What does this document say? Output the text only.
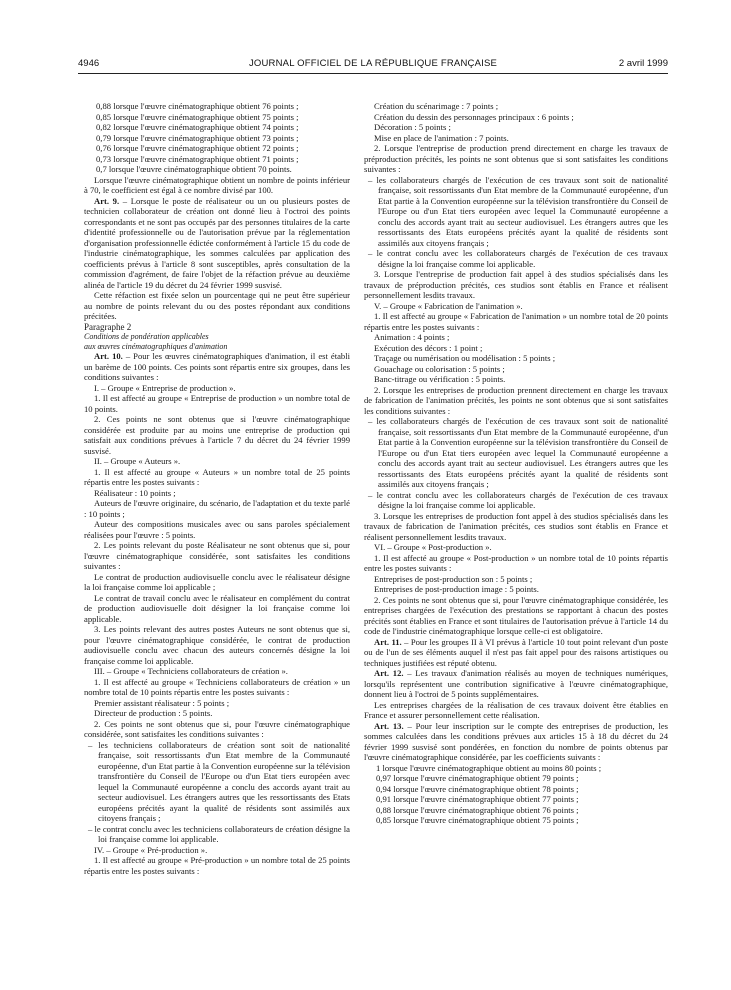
4946	JOURNAL OFFICIEL DE LA RÉPUBLIQUE FRANÇAISE	2 avril 1999

0,88 lorsque l'œuvre cinématographique obtient 76 points ;

0,85 lorsque l'œuvre cinématographique obtient 75 points ;

0,82 lorsque l'œuvre cinématographique obtient 74 points ;

0,79 lorsque l'œuvre cinématographique obtient 73 points ;

0,76 lorsque l'œuvre cinématographique obtient 72 points ;

0,73 lorsque l'œuvre cinématographique obtient 71 points ;

0,7 lorsque l'œuvre cinématographique obtient 70 points.

Lorsque l'œuvre cinématographique obtient un nombre de points inférieur à 70, le coefficient est égal à ce nombre divisé par 100.

Art. 9. – Lorsque le poste de réalisateur ou un ou plusieurs postes de technicien collaborateur de création ont donné lieu à l'octroi des points correspondants et ne sont pas occupés par des personnes titulaires de la carte d'identité professionnelle ou de l'autorisation prévue par la réglementation d'organisation professionnelle édictée conformément à l'article 15 du code de l'industrie cinématographique, les sommes calculées par application des coefficients prévus à l'article 8 sont susceptibles, après consultation de la commission d'agrément, de faire l'objet de la réfaction prévue au deuxième alinéa de l'article 19 du décret du 24 février 1999 susvisé.

Cette réfaction est fixée selon un pourcentage qui ne peut être supérieur au nombre de points relevant du ou des postes répondant aux conditions précitées.

Paragraphe 2

Conditions de pondération applicables

aux œuvres cinématographiques d'animation

Art. 10. – Pour les œuvres cinématographiques d'animation, il est établi un barème de 100 points. Ces points sont répartis entre six groupes, dans les conditions suivantes :

I. – Groupe « Entreprise de production ».

1. Il est affecté au groupe « Entreprise de production » un nombre total de 10 points.

2. Ces points ne sont obtenus que si l'œuvre cinématographique considérée est produite par au moins une entreprise de production qui satisfait aux conditions prévues à l'article 7 du décret du 24 février 1999 susvisé.

II. – Groupe « Auteurs ».

1. Il est affecté au groupe « Auteurs » un nombre total de 25 points répartis entre les postes suivants :

Réalisateur : 10 points ;

Auteurs de l'œuvre originaire, du scénario, de l'adaptation et du texte parlé : 10 points ;

Auteur des compositions musicales avec ou sans paroles spécialement réalisées pour l'œuvre : 5 points.

2. Les points relevant du poste Réalisateur ne sont obtenus que si, pour l'œuvre cinématographique considérée, sont satisfaites les conditions suivantes :

Le contrat de production audiovisuelle conclu avec le réalisateur désigne la loi française comme loi applicable ;

Le contrat de travail conclu avec le réalisateur en complément du contrat de production audiovisuelle doit désigner la loi française comme loi applicable.

3. Les points relevant des autres postes Auteurs ne sont obtenus que si, pour l'œuvre cinématographique considérée, le contrat de production audiovisuelle conclu avec chacun des auteurs concernés désigne la loi française comme loi applicable.

III. – Groupe « Techniciens collaborateurs de création ».

1. Il est affecté au groupe « Techniciens collaborateurs de création » un nombre total de 10 points répartis entre les postes suivants :

Premier assistant réalisateur : 5 points ;

Directeur de production : 5 points.

2. Ces points ne sont obtenus que si, pour l'œuvre cinématographique considérée, sont satisfaites les conditions suivantes :

– les techniciens collaborateurs de création sont soit de nationalité française, soit ressortissants d'un Etat membre de la Communauté européenne, d'un Etat partie à la Convention européenne sur la télévision transfrontière du Conseil de l'Europe ou d'un Etat tiers européen avec lequel la Communauté européenne a conclu des accords ayant trait au secteur audiovisuel. Les étrangers autres que les ressortissants des Etats européens précités ayant la qualité de résidents sont assimilés aux citoyens français ;

– le contrat conclu avec les techniciens collaborateurs de création désigne la loi française comme loi applicable.

IV. – Groupe « Pré-production ».

1. Il est affecté au groupe « Pré-production » un nombre total de 25 points répartis entre les postes suivants :

Création du scénarimage : 7 points ;

Création du dessin des personnages principaux : 6 points ;

Décoration : 5 points ;

Mise en place de l'animation : 7 points.

2. Lorsque l'entreprise de production prend directement en charge les travaux de préproduction précités, les points ne sont obtenus que si sont satisfaites les conditions suivantes :

– les collaborateurs chargés de l'exécution de ces travaux sont soit de nationalité française, soit ressortissants d'un Etat membre de la Communauté européenne, d'un Etat partie à la Convention européenne sur la télévision transfrontière du Conseil de l'Europe ou d'un Etat tiers européen avec lequel la Communauté européenne a conclu des accords ayant trait au secteur audiovisuel. Les étrangers autres que les ressortissants des Etats européens précités ayant la qualité de résidents sont assimilés aux citoyens français ;

– le contrat conclu avec les collaborateurs chargés de l'exécution de ces travaux désigne la loi française comme loi applicable.

3. Lorsque l'entreprise de production fait appel à des studios spécialisés dans les travaux de préproduction précités, ces studios sont établis en France et réalisent personnellement lesdits travaux.

V. – Groupe « Fabrication de l'animation ».

1. Il est affecté au groupe « Fabrication de l'animation » un nombre total de 20 points répartis entre les postes suivants :

Animation : 4 points ;

Exécution des décors : 1 point ;

Traçage ou numérisation ou modélisation : 5 points ;

Gouachage ou colorisation : 5 points ;

Banc-titrage ou vérification : 5 points.

2. Lorsque les entreprises de production prennent directement en charge les travaux de fabrication de l'animation précités, les points ne sont obtenus que si sont satisfaites les conditions suivantes :

– les collaborateurs chargés de l'exécution de ces travaux sont soit de nationalité française, soit ressortissants d'un Etat membre de la Communauté européenne, d'un Etat partie à la Convention européenne sur la télévision transfrontière du Conseil de l'Europe ou d'un Etat tiers européen avec lequel la Communauté européenne a conclu des accords ayant trait au secteur audiovisuel. Les étrangers autres que les ressortissants des Etats européens précités ayant la qualité de résidents sont assimilés aux citoyens français ;

– le contrat conclu avec les collaborateurs chargés de l'exécution de ces travaux désigne la loi française comme loi applicable.

3. Lorsque les entreprises de production font appel à des studios spécialisés dans les travaux de fabrication de l'animation précités, ces studios sont établis en France et réalisent personnellement lesdits travaux.

VI. – Groupe « Post-production ».

1. Il est affecté au groupe « Post-production » un nombre total de 10 points répartis entre les postes suivants :

Entreprises de post-production son : 5 points ;

Entreprises de post-production image : 5 points.

2. Ces points ne sont obtenus que si, pour l'œuvre cinématographique considérée, les entreprises chargées de l'exécution des prestations se rapportant à chacun des postes précités sont établies en France et sont titulaires de l'autorisation prévue à l'article 14 du code de l'industrie cinématographique lorsque celle-ci est obligatoire.

Art. 11. – Pour les groupes II à VI prévus à l'article 10 tout point relevant d'un poste ou de l'un de ses éléments auquel il n'est pas fait appel pour des raisons artistiques ou techniques justifiées est réputé obtenu.

Art. 12. – Les travaux d'animation réalisés au moyen de techniques numériques, lorsqu'ils représentent une contribution significative à l'œuvre cinématographique, donnent lieu à l'octroi de 5 points supplémentaires.

Les entreprises chargées de la réalisation de ces travaux doivent être établies en France et assurer personnellement cette réalisation.

Art. 13. – Pour leur inscription sur le compte des entreprises de production, les sommes calculées dans les conditions prévues aux articles 15 à 18 du décret du 24 février 1999 susvisé sont pondérées, en fonction du nombre de points obtenus par l'œuvre cinématographique considérée, par les coefficients suivants :

1 lorsque l'œuvre cinématographique obtient au moins 80 points ;

0,97 lorsque l'œuvre cinématographique obtient 79 points ;

0,94 lorsque l'œuvre cinématographique obtient 78 points ;

0,91 lorsque l'œuvre cinématographique obtient 77 points ;

0,88 lorsque l'œuvre cinématographique obtient 76 points ;

0,85 lorsque l'œuvre cinématographique obtient 75 points ;
